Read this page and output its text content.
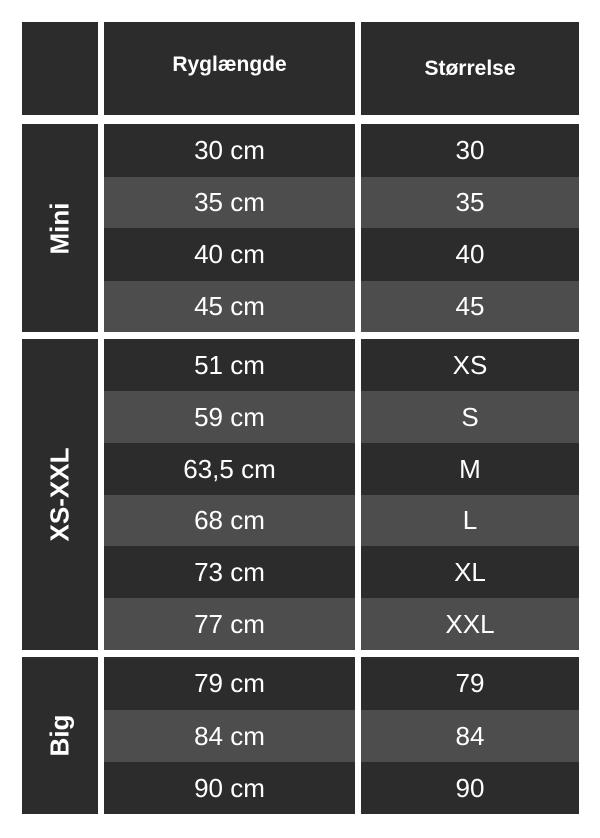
Ryglængde	Størrelse
Mini
30 cm	30
35 cm	35
40 cm	40
45 cm	45
XS-XXL
51 cm	XS
59 cm	S
63,5 cm	M
68 cm	L
73 cm	XL
77 cm	XXL
Big
79 cm	79
84 cm	84
90 cm	90
